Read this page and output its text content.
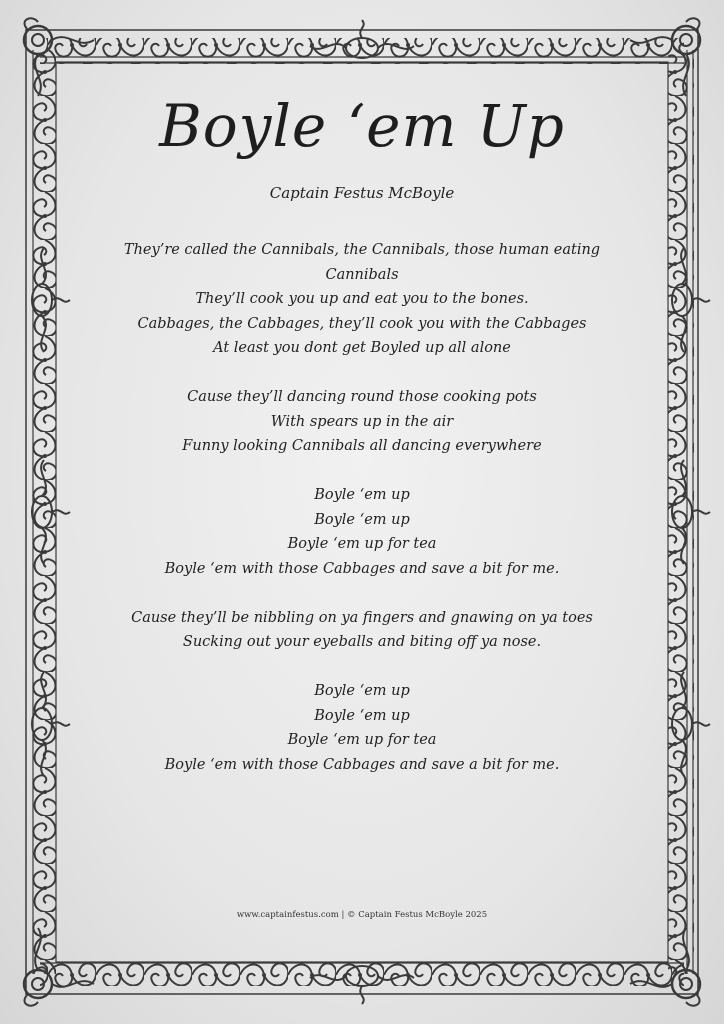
Boyle ‘em Up
Captain Festus McBoyle
They’re called the Cannibals, the Cannibals, those human eating Cannibals
They’ll cook you up and eat you to the bones.
Cabbages, the Cabbages, they’ll cook you with the Cabbages
At least you dont get Boyled up all alone
Cause they’ll dancing round those cooking pots
With spears up in the air
Funny looking Cannibals all dancing everywhere
Boyle ‘em up
Boyle ‘em up
Boyle ‘em up for tea
Boyle ‘em with those Cabbages and save a bit for me.
Cause they’ll be nibbling on ya fingers and gnawing on ya toes
Sucking out your eyeballs and biting off ya nose.
Boyle ‘em up
Boyle ‘em up
Boyle ‘em up for tea
Boyle ‘em with those Cabbages and save a bit for me.
www.captainfestus.com | © Captain Festus McBoyle 2025
